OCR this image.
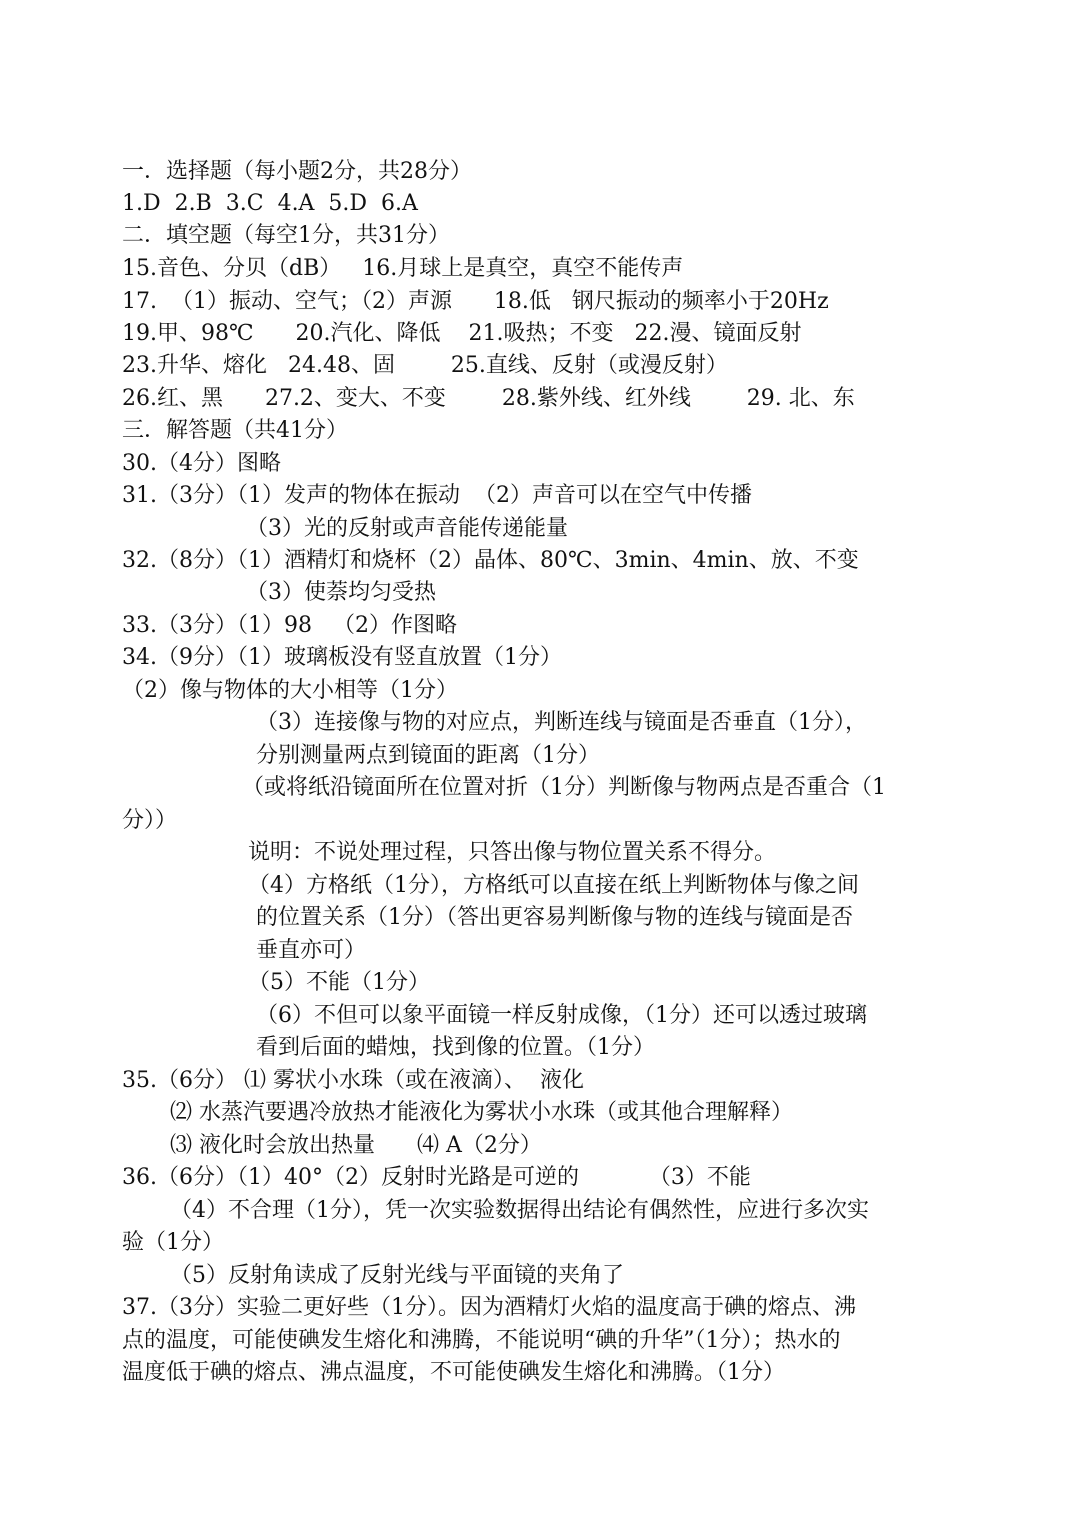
一．选择题（每小题2分，共28分）
1.D  2.B  3.C  4.A  5.D  6.A
二．填空题（每空1分，共31分）
15.音色、分贝（dB）   16.月球上是真空，真空不能传声
17.  （1）振动、空气；（2）声源      18.低   钢尺振动的频率小于20Hz
19.甲、98℃      20.汽化、降低    21.吸热；不变   22.漫、镜面反射
23.升华、熔化   24.48、固        25.直线、反射（或漫反射）
26.红、黑      27.2、变大、不变        28.紫外线、红外线        29. 北、东
三．解答题（共41分）
30.（4分）图略
31.（3分）（1）发声的物体在振动  （2）声音可以在空气中传播
（3）光的反射或声音能传递能量
32.（8分）（1）酒精灯和烧杯（2）晶体、80℃、3min、4min、放、不变
（3）使萘均匀受热
33.（3分）（1）98   （2）作图略
34.（9分）（1）玻璃板没有竖直放置（1分）
（2）像与物体的大小相等（1分）
（3）连接像与物的对应点，判断连线与镜面是否垂直（1分），
分别测量两点到镜面的距离（1分）
（或将纸沿镜面所在位置对折（1分）判断像与物两点是否重合（1
分））
说明：不说处理过程，只答出像与物位置关系不得分。
（4）方格纸（1分），方格纸可以直接在纸上判断物体与像之间
的位置关系（1分）（答出更容易判断像与物的连线与镜面是否
垂直亦可）
（5）不能（1分）
（6）不但可以象平面镜一样反射成像，（1分）还可以透过玻璃
看到后面的蜡烛，找到像的位置。（1分）
35.（6分） ⑴ 雾状小水珠（或在液滴）、  液化
⑵ 水蒸汽要遇冷放热才能液化为雾状小水珠（或其他合理解释）
⑶ 液化时会放出热量      ⑷ A（2分）
36.（6分）（1）40°（2）反射时光路是可逆的          （3）不能
（4）不合理（1分），凭一次实验数据得出结论有偶然性，应进行多次实
验（1分）
（5）反射角读成了反射光线与平面镜的夹角了
37.（3分）实验二更好些（1分）。因为酒精灯火焰的温度高于碘的熔点、沸
点的温度，可能使碘发生熔化和沸腾，不能说明“碘的升华”（1分）；热水的
温度低于碘的熔点、沸点温度，不可能使碘发生熔化和沸腾。（1分）
